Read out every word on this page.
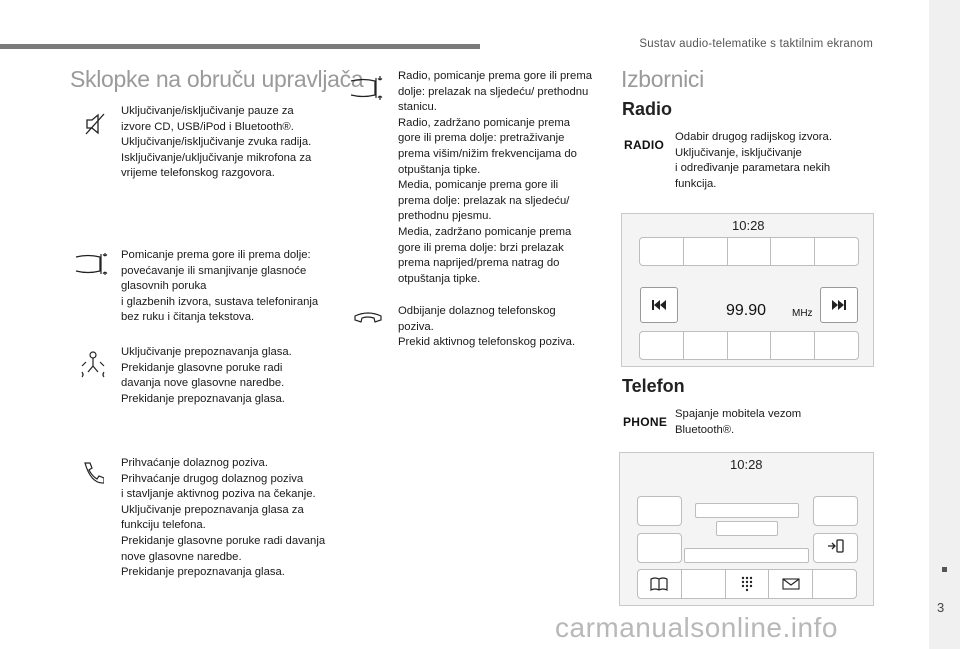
Sustav audio-telematike s taktilnim ekranom
3
Sklopke na obruču upravljača
Uključivanje/isključivanje pauze za izvore CD, USB/iPod i Bluetooth®.
Uključivanje/isključivanje zvuka radija.
Isključivanje/uključivanje mikrofona za vrijeme telefonskog razgovora.
Pomicanje prema gore ili prema dolje: povećavanje ili smanjivanje glasnoće glasovnih poruka
i glazbenih izvora, sustava telefoniranja bez ruku i čitanja tekstova.
Uključivanje prepoznavanja glasa.
Prekidanje glasovne poruke radi davanja nove glasovne naredbe.
Prekidanje prepoznavanja glasa.
Prihvaćanje dolaznog poziva.
Prihvaćanje drugog dolaznog poziva
i stavljanje aktivnog poziva na čekanje.
Uključivanje prepoznavanja glasa za funkciju telefona.
Prekidanje glasovne poruke radi davanja nove glasovne naredbe.
Prekidanje prepoznavanja glasa.
Radio, pomicanje prema gore ili prema dolje: prelazak na sljedeću/ prethodnu stanicu.
Radio, zadržano pomicanje prema gore ili prema dolje: pretraživanje prema višim/nižim frekvencijama do otpuštanja tipke.
Media, pomicanje prema gore ili prema dolje: prelazak na sljedeću/ prethodnu pjesmu.
Media, zadržano pomicanje prema gore ili prema dolje: brzi prelazak prema naprijed/prema natrag do otpuštanja tipke.
Odbijanje dolaznog telefonskog poziva.
Prekid aktivnog telefonskog poziva.
Izbornici
Radio
RADIO
Odabir drugog radijskog izvora.
Uključivanje, isključivanje
i određivanje parametara nekih funkcija.
10:28
99.90	MHz
Telefon
PHONE
Spajanje mobitela vezom Bluetooth®.
10:28
carmanualsonline.info
